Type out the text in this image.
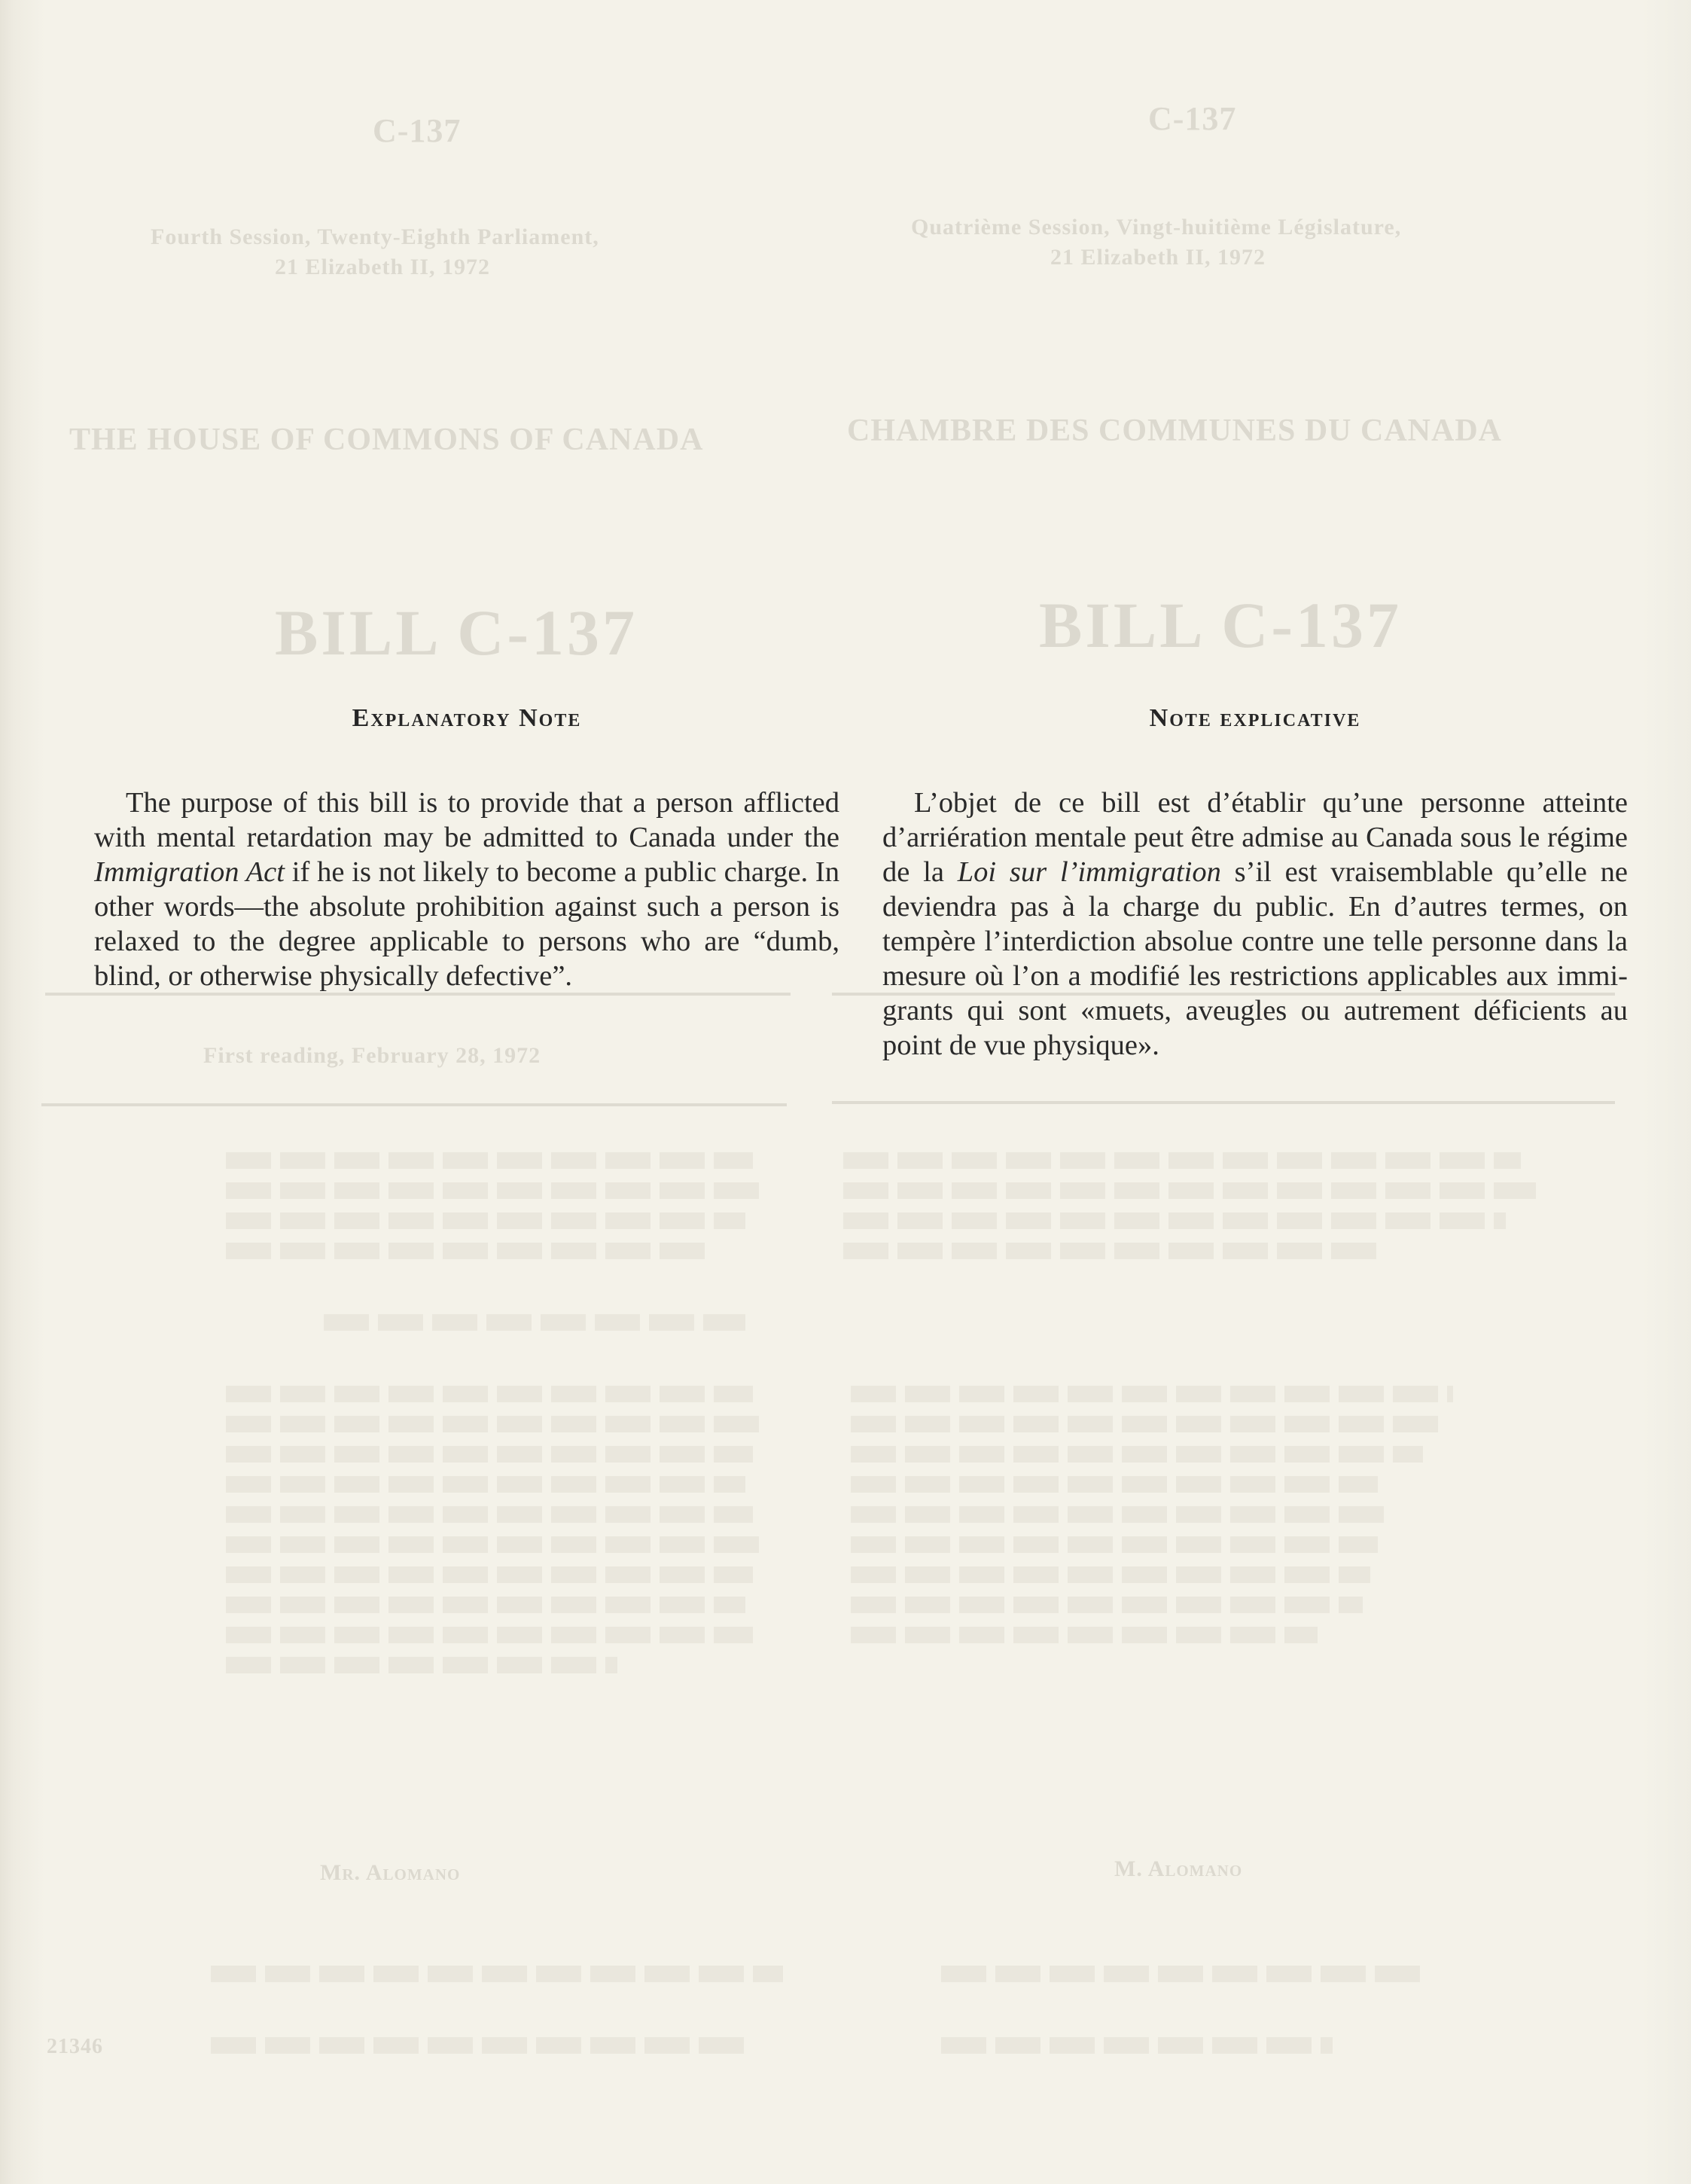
C-137	C-137
Fourth Session, Twenty-Eighth Parliament,
21 Elizabeth II, 1972
Quatrième Session, Vingt-huitième Législature,
21 Elizabeth II, 1972
THE HOUSE OF COMMONS OF CANADA	CHAMBRE DES COMMUNES DU CANADA
BILL C-137	BILL C-137
First reading, February 28, 1972
Mr. Alomano	M. Alomano
21346
Explanatory Note

The purpose of this bill is to provide that a person afflicted with mental retardation may be admitted to Canada under the Immigration Act if he is not likely to become a public charge. In other words—the absolute prohibition against such a person is relaxed to the degree applicable to persons who are “dumb, blind, or otherwise physically defective”.

Note explicative

L’objet de ce bill est d’établir qu’une personne atteinte d’arriération mentale peut être admise au Canada sous le régime de la Loi sur l’immigration s’il est vraisemblable qu’elle ne deviendra pas à la charge du public. En d’autres termes, on tempère l’interdiction absolue contre une telle personne dans la mesure où l’on a modifié les restrictions applicables aux immigrants qui sont «muets, aveugles ou autrement déficients au point de vue physique».
